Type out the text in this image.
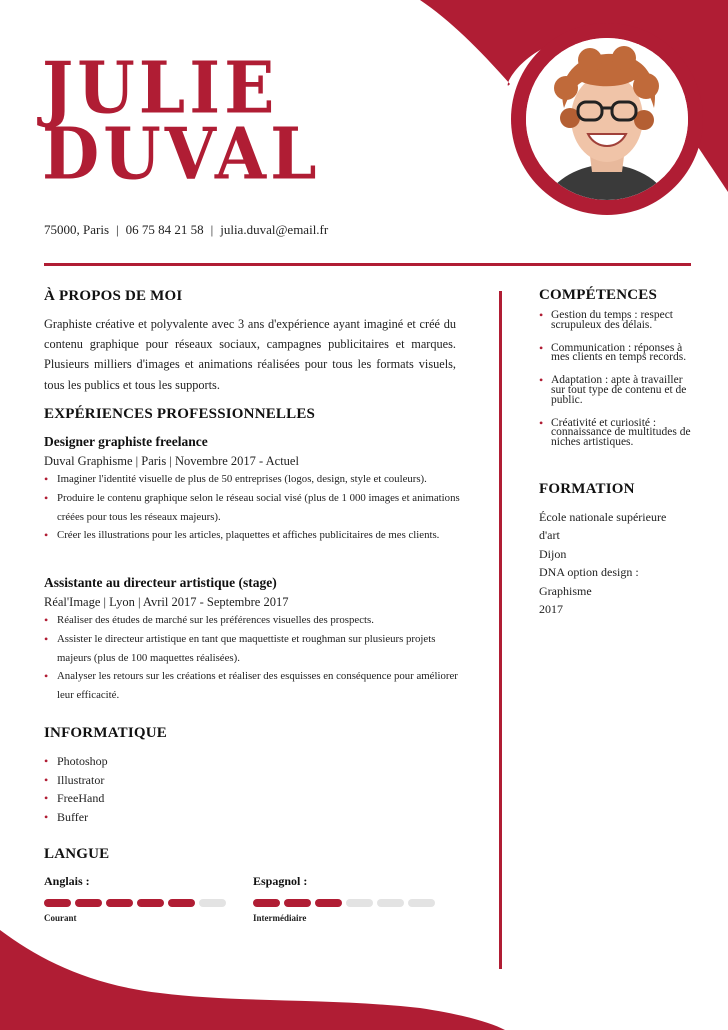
JULIE
DUVAL
75000, Paris | 06 75 84 21 58 | julia.duval@email.fr
À PROPOS DE MOI

Graphiste créative et polyvalente avec 3 ans d'expérience ayant imaginé et créé du contenu graphique pour réseaux sociaux, campagnes publicitaires et marques. Plusieurs milliers d'images et animations réalisées pour tous les formats visuels, tous les publics et tous les supports.

EXPÉRIENCES PROFESSIONNELLES
Designer graphiste freelance
Duval Graphisme | Paris | Novembre 2017 - Actuel
• Imaginer l'identité visuelle de plus de 50 entreprises (logos, design, style et couleurs).
• Produire le contenu graphique selon le réseau social visé (plus de 1 000 images et animations créées pour tous les réseaux majeurs).
• Créer les illustrations pour les articles, plaquettes et affiches publicitaires de mes clients.
Assistante au directeur artistique (stage)
Réal'Image | Lyon | Avril 2017 - Septembre 2017
• Réaliser des études de marché sur les préférences visuelles des prospects.
• Assister le directeur artistique en tant que maquettiste et roughman sur plusieurs projets majeurs (plus de 100 maquettes réalisées).
• Analyser les retours sur les créations et réaliser des esquisses en conséquence pour améliorer leur efficacité.
INFORMATIQUE
• Photoshop
• Illustrator
• FreeHand
• Buffer
LANGUE
Anglais :
Courant
Espagnol :
Intermédiaire
COMPÉTENCES
• Gestion du temps : respect scrupuleux des délais.
• Communication : réponses à mes clients en temps records.
• Adaptation : apte à travailler sur tout type de contenu et de public.
• Créativité et curiosité : connaissance de multitudes de niches artistiques.
FORMATION
École nationale supérieure
d'art
Dijon
DNA option design :
Graphisme
2017
